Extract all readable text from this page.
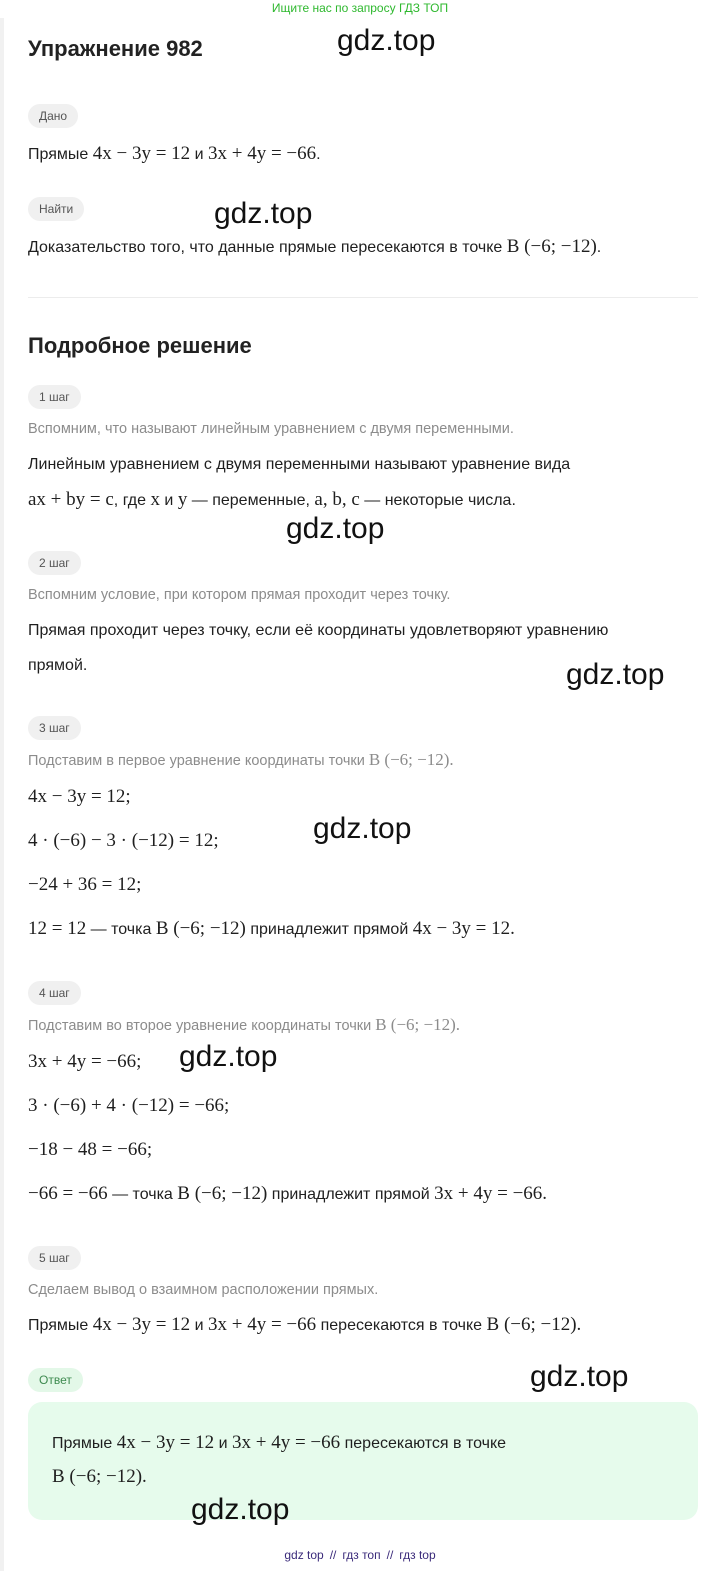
Ищите нас по запросу ГДЗ ТОП
Упражнение 982
Дано
Прямые 4x − 3y = 12 и 3x + 4y = −66.
Найти
Доказательство того, что данные прямые пересекаются в точке B (−6; −12).
Подробное решение
1 шаг
Вспомним, что называют линейным уравнением с двумя переменными.
Линейным уравнением с двумя переменными называют уравнение вида
ax + by = c, где x и y — переменные, a, b, c — некоторые числа.
2 шаг
Вспомним условие, при котором прямая проходит через точку.
Прямая проходит через точку, если её координаты удовлетворяют уравнению
прямой.
3 шаг
Подставим в первое уравнение координаты точки B (−6; −12).
4x − 3y = 12;
4 · (−6) − 3 · (−12) = 12;
−24 + 36 = 12;
12 = 12 — точка B (−6; −12) принадлежит прямой 4x − 3y = 12.
4 шаг
Подставим во второе уравнение координаты точки B (−6; −12).
3x + 4y = −66;
3 · (−6) + 4 · (−12) = −66;
−18 − 48 = −66;
−66 = −66 — точка B (−6; −12) принадлежит прямой 3x + 4y = −66.
5 шаг
Сделаем вывод о взаимном расположении прямых.
Прямые 4x − 3y = 12 и 3x + 4y = −66 пересекаются в точке B (−6; −12).
Ответ
Прямые 4x − 3y = 12 и 3x + 4y = −66 пересекаются в точке
B (−6; −12).
gdz.top
gdz.top
gdz.top
gdz.top
gdz.top
gdz.top
gdz.top
gdz.top
gdz top // гдз топ // гдз top
